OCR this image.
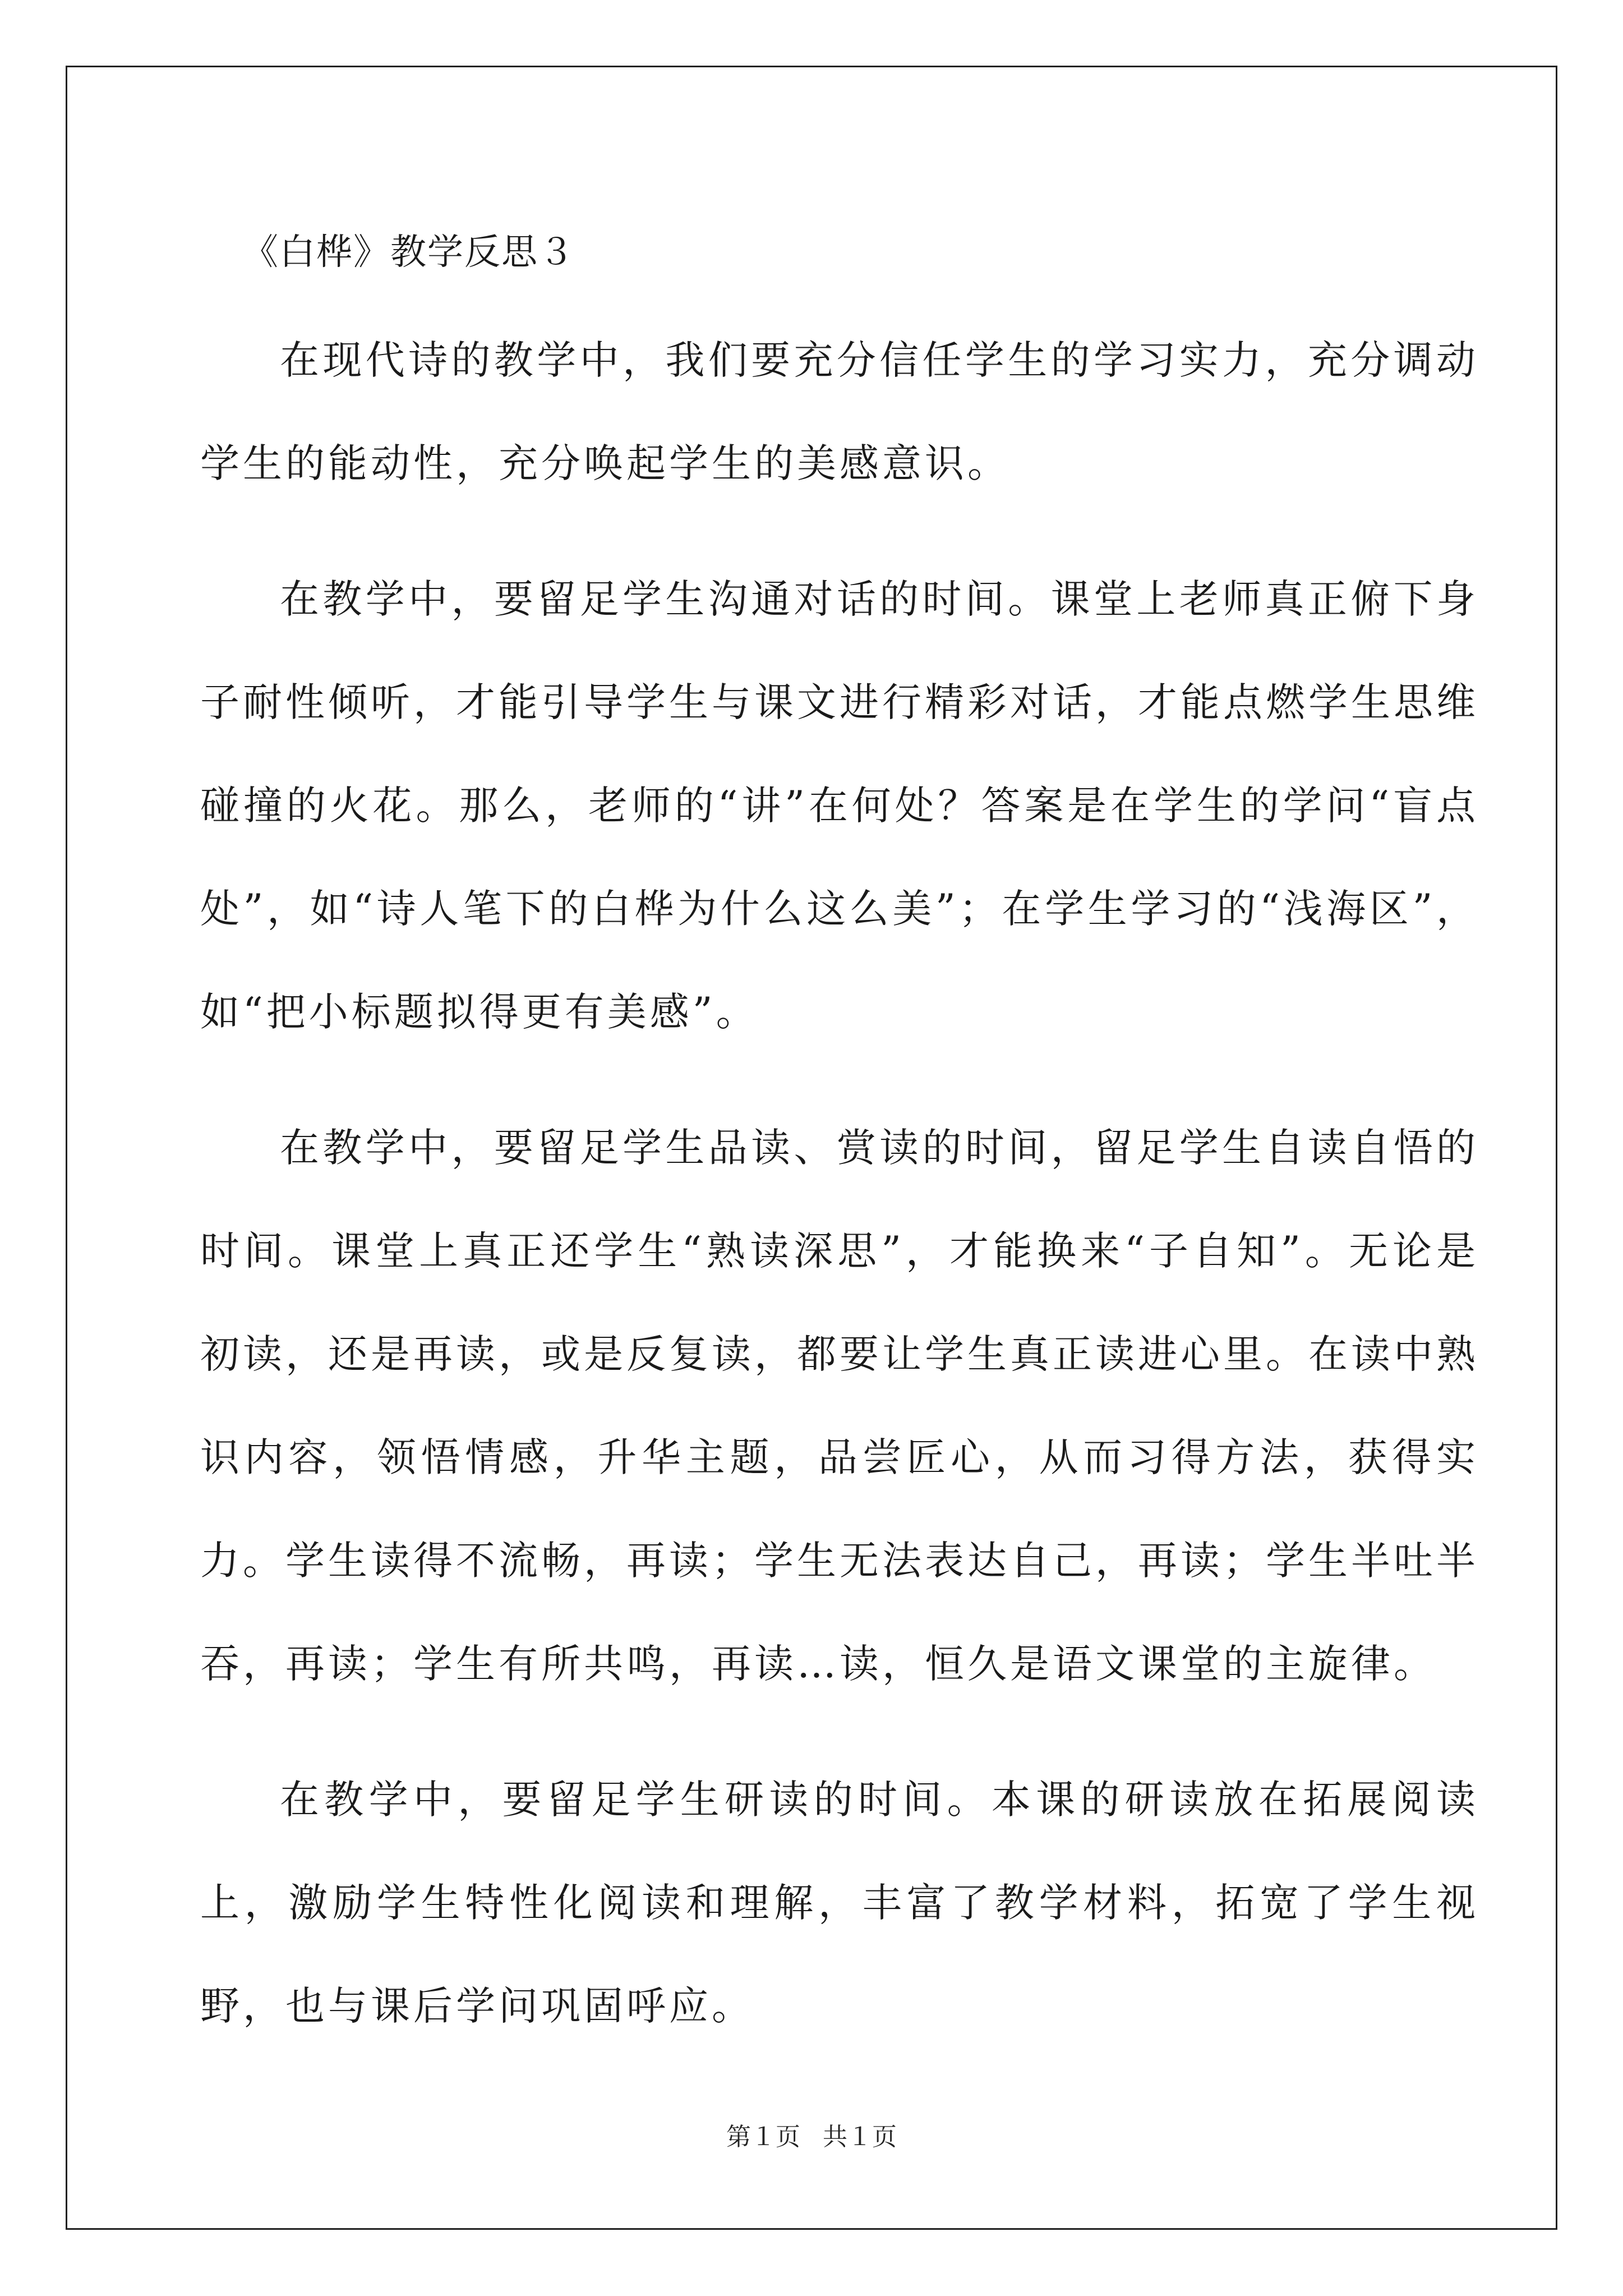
《白桦》教学反思３

在现代诗的教学中，我们要充分信任学生的学习实力，充分调动学生的能动性，充分唤起学生的美感意识。

在教学中，要留足学生沟通对话的时间。课堂上老师真正俯下身子耐性倾听，才能引导学生与课文进行精彩对话，才能点燃学生思维碰撞的火花。那么，老师的“讲”在何处？答案是在学生的学问“盲点处”，如“诗人笔下的白桦为什么这么美”；在学生学习的“浅海区”，如“把小标题拟得更有美感”。

在教学中，要留足学生品读、赏读的时间，留足学生自读自悟的时间。课堂上真正还学生“熟读深思”，才能换来“子自知”。无论是初读，还是再读，或是反复读，都要让学生真正读进心里。在读中熟识内容，领悟情感，升华主题，品尝匠心，从而习得方法，获得实力。学生读得不流畅，再读；学生无法表达自己，再读；学生半吐半吞，再读；学生有所共鸣，再读…读，恒久是语文课堂的主旋律。

在教学中，要留足学生研读的时间。本课的研读放在拓展阅读上，激励学生特性化阅读和理解，丰富了教学材料，拓宽了学生视野，也与课后学问巩固呼应。

第１页 共１页
